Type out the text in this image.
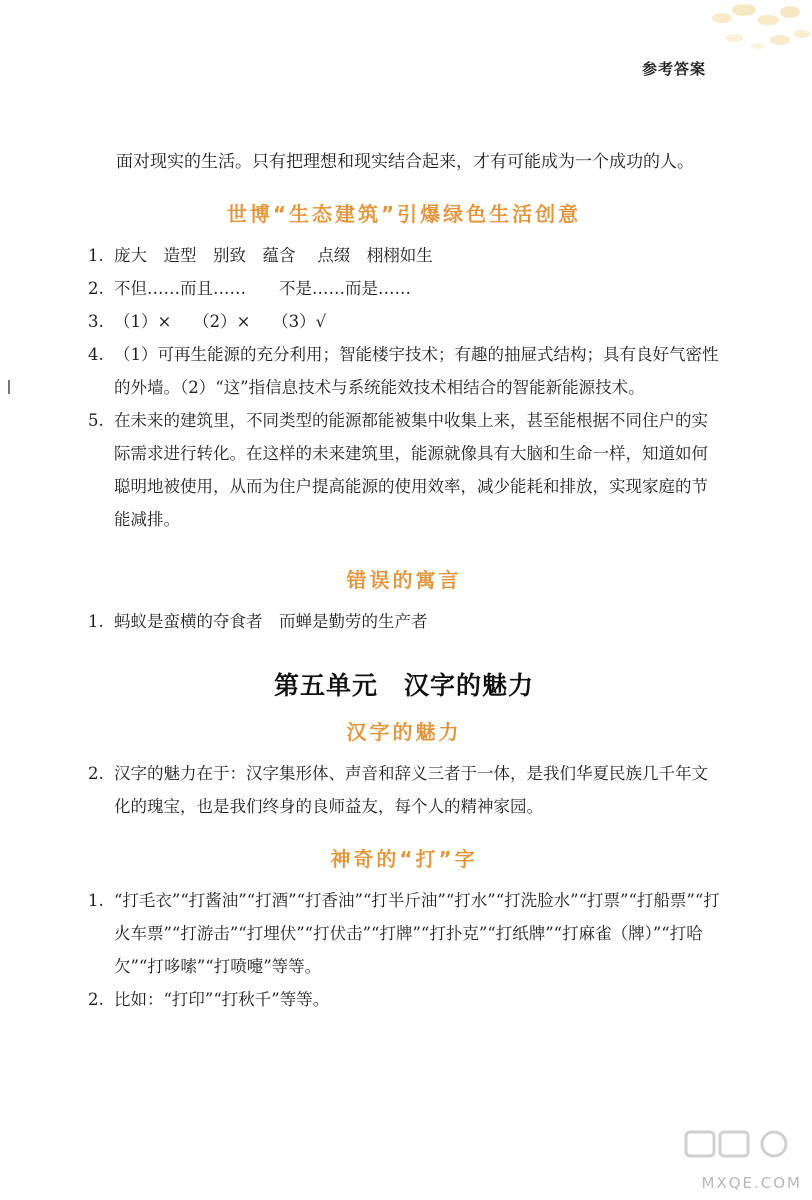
参考答案

面对现实的生活。只有把理想和现实结合起来，才有可能成为一个成功的人。

世博“生态建筑”引爆绿色生活创意
1. 庞大　造型　别致　蕴含　 点缀　栩栩如生
2. 不但……而且……　　不是……而是……
3. （1）×　 （2）×　 （3）√
4. （1）可再生能源的充分利用；智能楼宇技术；有趣的抽屉式结构；具有良好气密性的外墙。（2）“这”指信息技术与系统能效技术相结合的智能新能源技术。
5. 在未来的建筑里，不同类型的能源都能被集中收集上来，甚至能根据不同住户的实际需求进行转化。在这样的未来建筑里，能源就像具有大脑和生命一样，知道如何聪明地被使用，从而为住户提高能源的使用效率，减少能耗和排放，实现家庭的节能减排。
错误的寓言
1. 蚂蚁是蛮横的夺食者　而蝉是勤劳的生产者
第五单元　汉字的魅力
汉字的魅力
2. 汉字的魅力在于：汉字集形体、声音和辞义三者于一体，是我们华夏民族几千年文化的瑰宝，也是我们终身的良师益友，每个人的精神家园。
神奇的“打”字
1. “打毛衣”“打酱油”“打酒”“打香油”“打半斤油”“打水”“打洗脸水”“打票”“打船票”“打火车票”“打游击”“打埋伏”“打伏击”“打牌”“打扑克”“打纸牌”“打麻雀（牌）”“打哈欠”“打哆嗦”“打喷嚏”等等。
2. 比如：“打印”“打秋千”等等。
MXQE.COM
